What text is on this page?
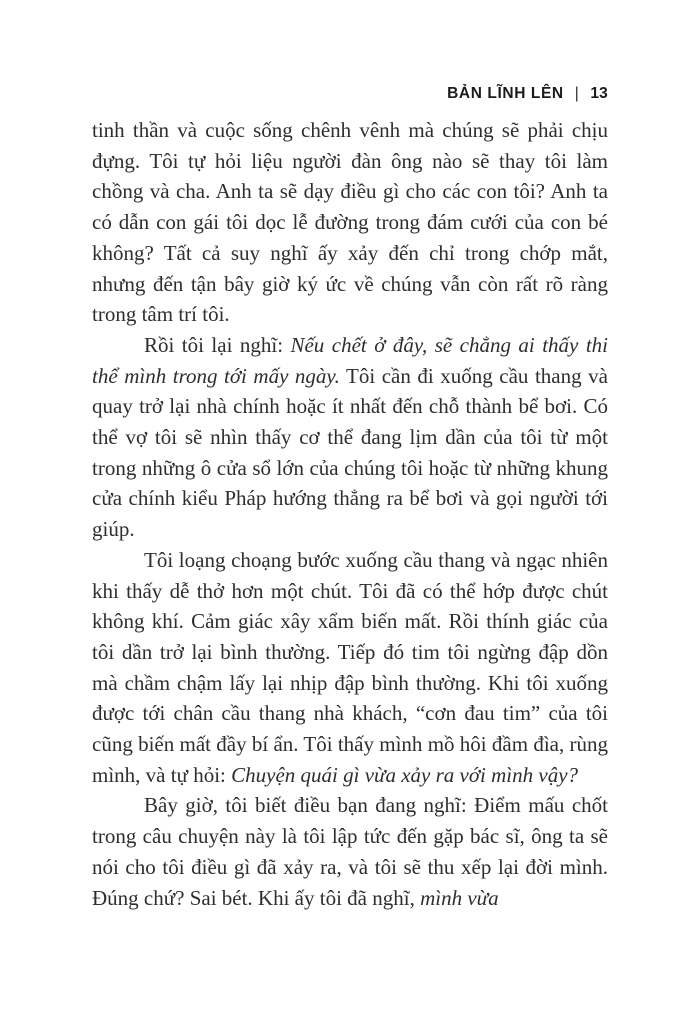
BẢN LĨNH LÊN | 13

tinh thần và cuộc sống chênh vênh mà chúng sẽ phải chịu đựng. Tôi tự hỏi liệu người đàn ông nào sẽ thay tôi làm chồng và cha. Anh ta sẽ dạy điều gì cho các con tôi? Anh ta có dẫn con gái tôi dọc lễ đường trong đám cưới của con bé không? Tất cả suy nghĩ ấy xảy đến chỉ trong chớp mắt, nhưng đến tận bây giờ ký ức về chúng vẫn còn rất rõ ràng trong tâm trí tôi.

Rồi tôi lại nghĩ: Nếu chết ở đây, sẽ chẳng ai thấy thi thể mình trong tới mấy ngày. Tôi cần đi xuống cầu thang và quay trở lại nhà chính hoặc ít nhất đến chỗ thành bể bơi. Có thể vợ tôi sẽ nhìn thấy cơ thể đang lịm dần của tôi từ một trong những ô cửa sổ lớn của chúng tôi hoặc từ những khung cửa chính kiểu Pháp hướng thẳng ra bể bơi và gọi người tới giúp.

Tôi loạng choạng bước xuống cầu thang và ngạc nhiên khi thấy dễ thở hơn một chút. Tôi đã có thể hớp được chút không khí. Cảm giác xây xẩm biến mất. Rồi thính giác của tôi dần trở lại bình thường. Tiếp đó tim tôi ngừng đập dồn mà chầm chậm lấy lại nhịp đập bình thường. Khi tôi xuống được tới chân cầu thang nhà khách, “cơn đau tim” của tôi cũng biến mất đầy bí ẩn. Tôi thấy mình mồ hôi đầm đìa, rùng mình, và tự hỏi: Chuyện quái gì vừa xảy ra với mình vậy?

Bây giờ, tôi biết điều bạn đang nghĩ: Điểm mấu chốt trong câu chuyện này là tôi lập tức đến gặp bác sĩ, ông ta sẽ nói cho tôi điều gì đã xảy ra, và tôi sẽ thu xếp lại đời mình. Đúng chứ? Sai bét. Khi ấy tôi đã nghĩ, mình vừa
